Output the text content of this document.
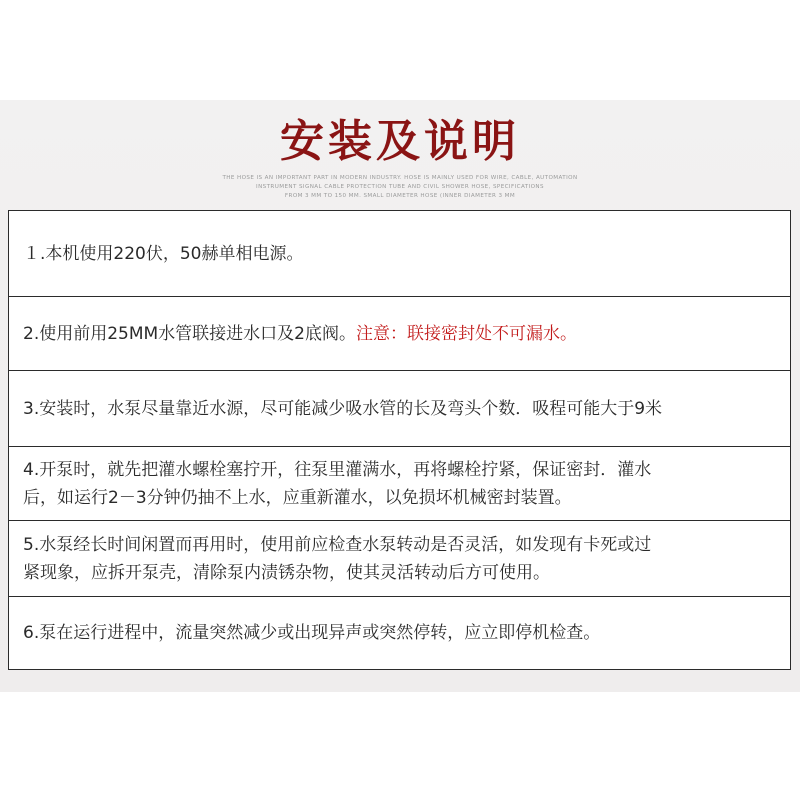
安装及说明
THE HOSE IS AN IMPORTANT PART IN MODERN INDUSTRY. HOSE IS MAINLY USED FOR WIRE, CABLE, AUTOMATION
INSTRUMENT SIGNAL CABLE PROTECTION TUBE AND CIVIL SHOWER HOSE, SPECIFICATIONS
FROM 3 MM TO 150 MM. SMALL DIAMETER HOSE (INNER DIAMETER 3 MM
１.本机使用220伏，50赫单相电源。
2.使用前用25MM水管联接进水口及2底阀。注意：联接密封处不可漏水。
3.安装时，水泵尽量靠近水源，尽可能减少吸水管的长及弯头个数．吸程可能大于9米
4.开泵时，就先把灌水螺栓塞拧开，往泵里灌满水，再将螺栓拧紧，保证密封．灌水
后，如运行2－3分钟仍抽不上水，应重新灌水，以免损坏机械密封装置。
5.水泵经长时间闲置而再用时，使用前应检查水泵转动是否灵活，如发现有卡死或过
紧现象，应拆开泵壳，清除泵内渍锈杂物，使其灵活转动后方可使用。
6.泵在运行进程中，流量突然减少或出现异声或突然停转，应立即停机检查。
